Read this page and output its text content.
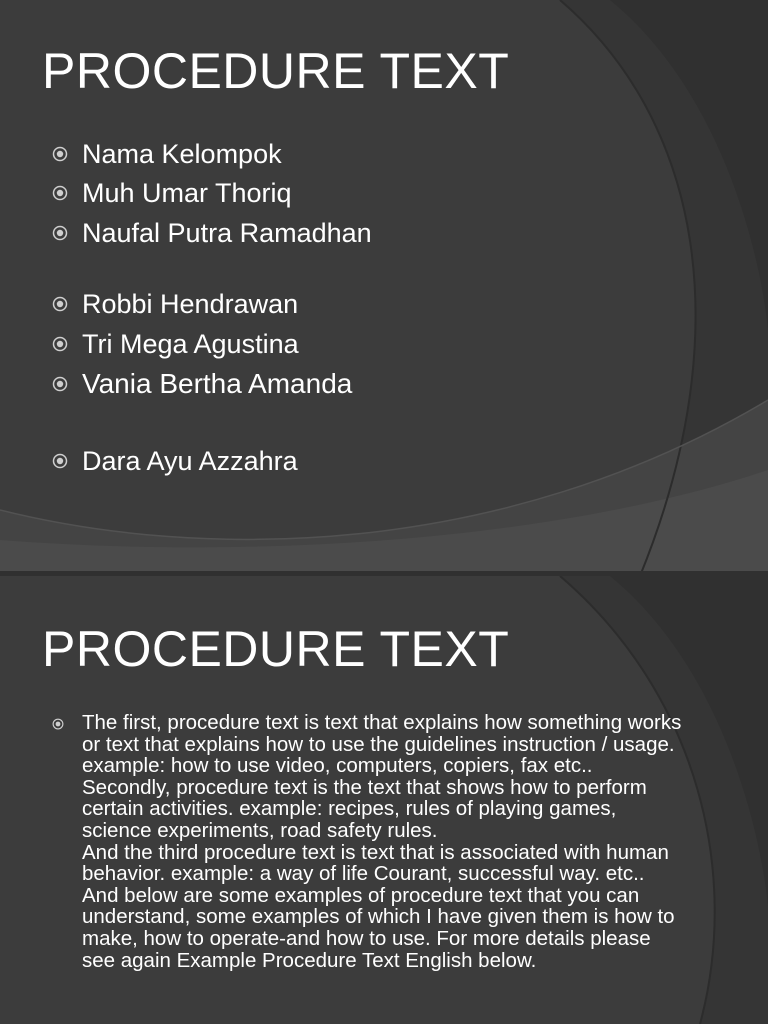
PROCEDURE TEXT
Nama Kelompok
Muh Umar Thoriq
Naufal Putra Ramadhan
Robbi Hendrawan
Tri Mega Agustina
Vania Bertha Amanda
Dara Ayu Azzahra
PROCEDURE TEXT

The first, procedure text is text that explains how something works or text that explains how to use the guidelines instruction / usage. example: how to use video, computers, copiers, fax etc..

Secondly, procedure text is the text that shows how to perform certain activities. example: recipes, rules of playing games, science experiments, road safety rules.

And the third procedure text is text that is associated with human behavior. example: a way of life Courant, successful way. etc..

And below are some examples of procedure text that you can understand, some examples of which I have given them is how to make, how to operate-and how to use. For more details please see again Example Procedure Text English below.
